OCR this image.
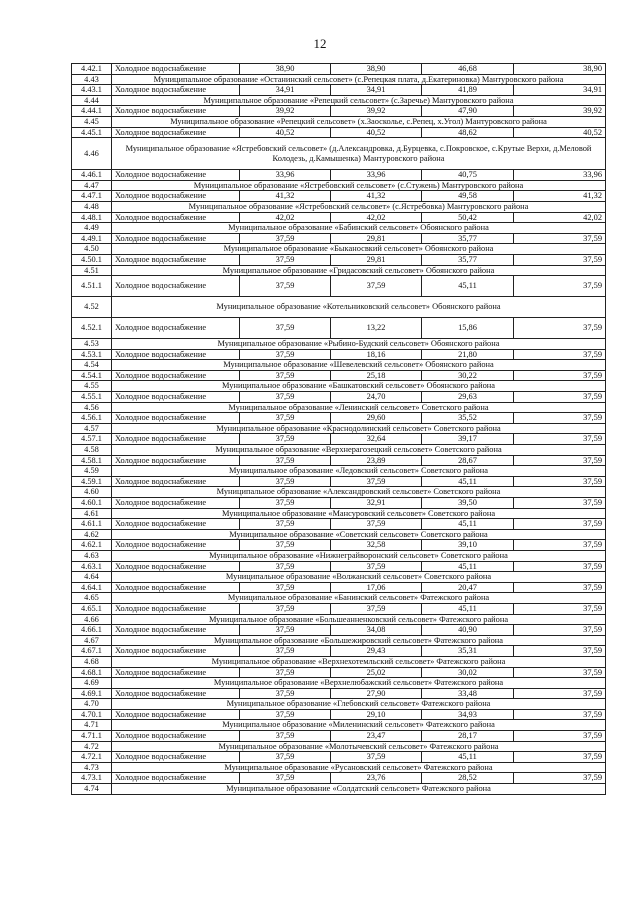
12
4.42.1	Холодное водоснабжение	38,90	38,90	46,68	38,90
4.43	Муниципальное образование «Останинский сельсовет» (с.Репецкая плата, д.Екатериновка) Мантуровского района				
4.43.1	Холодное водоснабжение	34,91	34,91	41,89	34,91
4.44	Муниципальное образование «Репецкий сельсовет» (с.Заречье) Мантуровского района				
4.44.1	Холодное водоснабжение	39,92	39,92	47,90	39,92
4.45	Муниципальное образование «Репецкий сельсовет» (х.Заосколье, с.Репец, х.Угол) Мантуровского района				
4.45.1	Холодное водоснабжение	40,52	40,52	48,62	40,52
4.46	Муниципальное образование «Ястребовский сельсовет» (д.Александровка, д.Бурцевка, с.Покровское, с.Крутые Верхи, д.Меловой Колодезь, д.Камышенка) Мантуровского района				
4.46.1	Холодное водоснабжение	33,96	33,96	40,75	33,96
4.47	Муниципальное образование «Ястребовский сельсовет» (с.Стужень) Мантуровского района				
4.47.1	Холодное водоснабжение	41,32	41,32	49,58	41,32
4.48	Муниципальное образование «Ястребовский сельсовет» (с.Ястребовка) Мантуровского района				
4.48.1	Холодное водоснабжение	42,02	42,02	50,42	42,02
4.49	Муниципальное образование «Бабинский сельсовет» Обоянского района				
4.49.1	Холодное водоснабжение	37,59	29,81	35,77	37,59
4.50	Муниципальное образование «Быканосвкий сельсовет» Обоянского района				
4.50.1	Холодное водоснабжение	37,59	29,81	35,77	37,59
4.51	Муниципальное образование «Гридасовский сельсовет» Обоянского района				
4.51.1	Холодное водоснабжение	37,59	37,59	45,11	37,59
4.52	Муниципальное образование «Котельниковский сельсовет» Обоянского района				
4.52.1	Холодное водоснабжение	37,59	13,22	15,86	37,59
4.53	Муниципальное образование «Рыбино-Будский сельсовет» Обоянского района				
4.53.1	Холодное водоснабжение	37,59	18,16	21,80	37,59
4.54	Муниципальное образование «Шевелевский сельсовет» Обоянского района				
4.54.1	Холодное водоснабжение	37,59	25,18	30,22	37,59
4.55	Муниципальное образование «Башкатовский сельсовет» Обоянского района				
4.55.1	Холодное водоснабжение	37,59	24,70	29,63	37,59
4.56	Муниципальное образование «Ленинский сельсовет» Советского района				
4.56.1	Холодное водоснабжение	37,59	29,60	35,52	37,59
4.57	Муниципальное образование «Краснодолинский сельсовет» Советского района				
4.57.1	Холодное водоснабжение	37,59	32,64	39,17	37,59
4.58	Муниципальное образование «Верхнерагозецкий сельсовет» Советского района				
4.58.1	Холодное водоснабжение	37,59	23,89	28,67	37,59
4.59	Муниципальное образование «Ледовский сельсовет» Советского района				
4.59.1	Холодное водоснабжение	37,59	37,59	45,11	37,59
4.60	Муниципальное образование «Александровский сельсовет» Советского района				
4.60.1	Холодное водоснабжение	37,59	32,91	39,50	37,59
4.61	Муниципальное образование «Мансуровский сельсовет» Советского района				
4.61.1	Холодное водоснабжение	37,59	37,59	45,11	37,59
4.62	Муниципальное образование «Советский сельсовет» Советского района				
4.62.1	Холодное водоснабжение	37,59	32,58	39,10	37,59
4.63	Муниципальное образование «Нижнеграйворонский сельсовет» Советского района				
4.63.1	Холодное водоснабжение	37,59	37,59	45,11	37,59
4.64	Муниципальное образование «Волжанский сельсовет» Советского района				
4.64.1	Холодное водоснабжение	37,59	17,06	20,47	37,59
4.65	Муниципальное образование «Банинский сельсовет» Фатежского района				
4.65.1	Холодное водоснабжение	37,59	37,59	45,11	37,59
4.66	Муниципальное образование «Большеанненковский сельсовет» Фатежского района				
4.66.1	Холодное водоснабжение	37,59	34,08	40,90	37,59
4.67	Муниципальное образование «Большежировский сельсовет» Фатежского района				
4.67.1	Холодное водоснабжение	37,59	29,43	35,31	37,59
4.68	Муниципальное образование «Верхнехотемльский сельсовет» Фатежского района				
4.68.1	Холодное водоснабжение	37,59	25,02	30,02	37,59
4.69	Муниципальное образование «Верхнелюбажский сельсовет» Фатежского района				
4.69.1	Холодное водоснабжение	37,59	27,90	33,48	37,59
4.70	Муниципальное образование «Глебовский сельсовет» Фатежского района				
4.70.1	Холодное водоснабжение	37,59	29,10	34,93	37,59
4.71	Муниципальное образование «Миленинский сельсовет» Фатежского района				
4.71.1	Холодное водоснабжение	37,59	23,47	28,17	37,59
4.72	Муниципальное образование «Молотычевский сельсовет» Фатежского района				
4.72.1	Холодное водоснабжение	37,59	37,59	45,11	37,59
4.73	Муниципальное образование «Русановский сельсовет» Фатежского района				
4.73.1	Холодное водоснабжение	37,59	23,76	28,52	37,59
4.74	Муниципальное образование «Солдатский сельсовет» Фатежского района				
